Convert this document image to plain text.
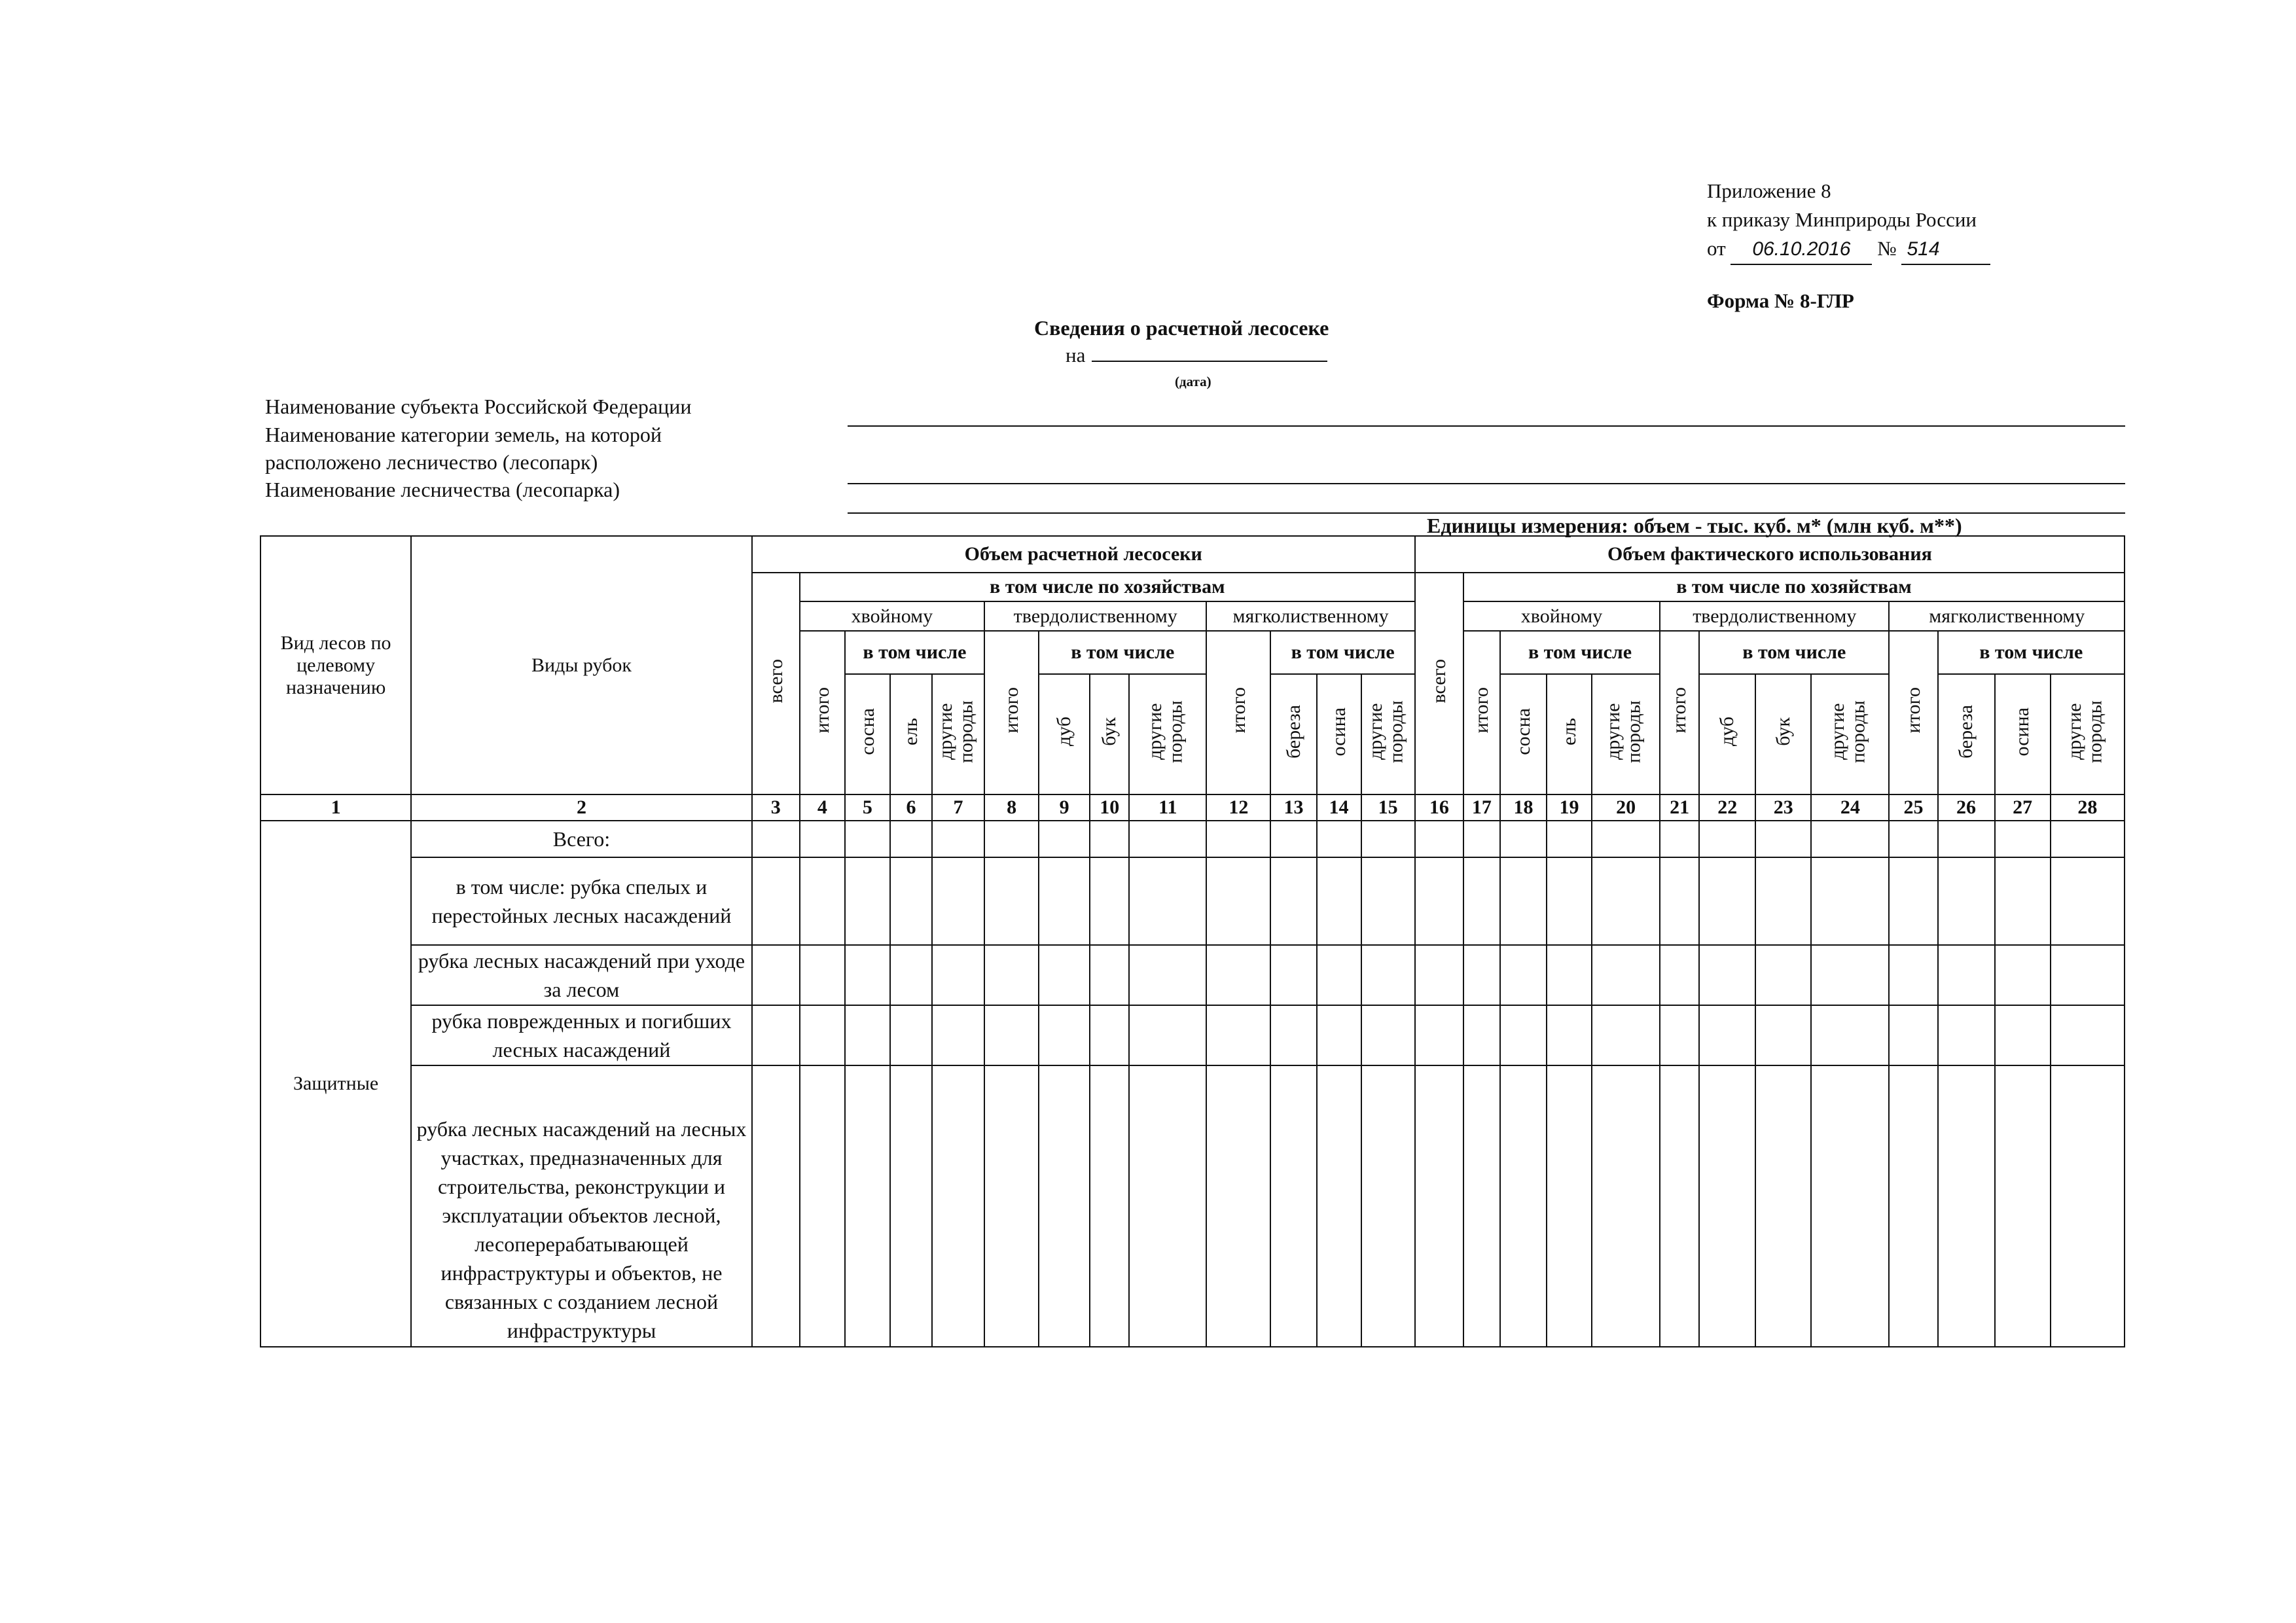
Приложение 8
к приказу Минприроды России
от 06.10.2016 № 514
Форма № 8-ГЛР
Сведения о расчетной лесосеке
на
(дата)
Наименование субъекта Российской Федерации
Наименование категории земель, на которой
расположено лесничество (лесопарк)
Наименование лесничества (лесопарка)
Единицы измерения: объем - тыс. куб. м* (млн куб. м**)
Вид лесов по целевому назначению	Виды рубок	Объем расчетной лесосеки													Объем фактического использования												
		всего	в том числе по хозяйствам												всего	в том числе по хозяйствам											
			хвойному				твердолиственному				мягколиственному					хвойному				твердолиственному				мягколиственному			
			итого	в том числе			итого	в том числе			итого	в том числе				итого	в том числе			итого	в том числе			итого	в том числе		
				сосна	ель	другие породы		дуб	бук	другие породы		береза	осина	другие породы			сосна	ель	другие породы		дуб	бук	другие породы		береза	осина	другие породы
1	2	3	4	5	6	7	8	9	10	11	12	13	14	15	16	17	18	19	20	21	22	23	24	25	26	27	28
Защитные	Всего:																										
	в том числе: рубка спелых и перестойных лесных насаждений																										
	рубка лесных насаждений при уходе за лесом																										
	рубка поврежденных и погибших лесных насаждений																										
	рубка лесных насаждений на лесных участках, предназначенных для строительства, реконструкции и эксплуатации объектов лесной, лесоперерабатывающей инфраструктуры и объектов, не связанных с созданием лесной инфраструктуры																										
